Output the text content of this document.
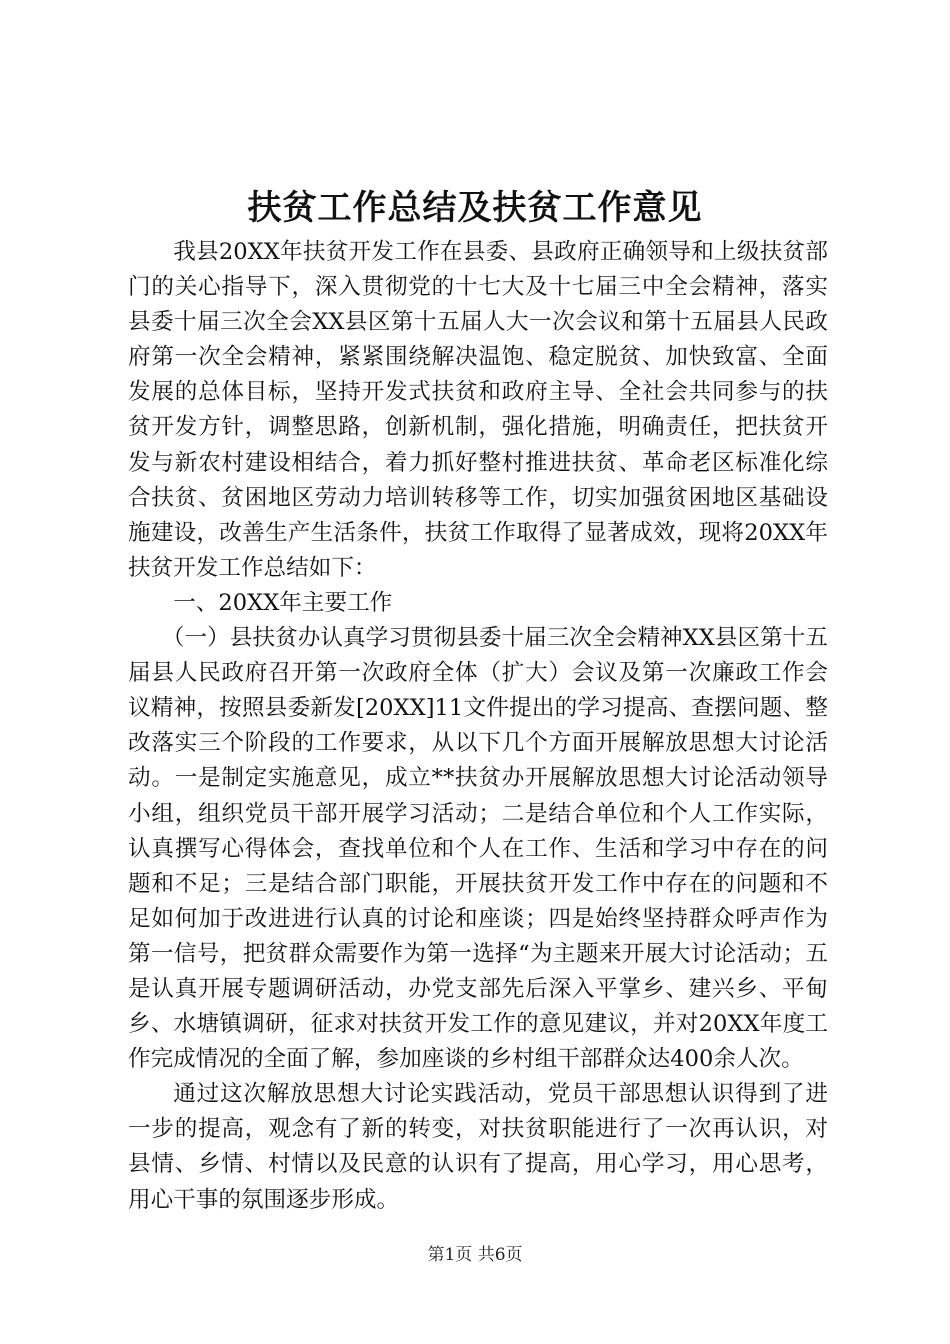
扶贫工作总结及扶贫工作意见

我县20XX年扶贫开发工作在县委、县政府正确领导和上级扶贫部门的关心指导下，深入贯彻党的十七大及十七届三中全会精神，落实县委十届三次全会XX县区第十五届人大一次会议和第十五届县人民政府第一次全会精神，紧紧围绕解决温饱、稳定脱贫、加快致富、全面发展的总体目标，坚持开发式扶贫和政府主导、全社会共同参与的扶贫开发方针，调整思路，创新机制，强化措施，明确责任，把扶贫开发与新农村建设相结合，着力抓好整村推进扶贫、革命老区标准化综合扶贫、贫困地区劳动力培训转移等工作，切实加强贫困地区基础设施建设，改善生产生活条件，扶贫工作取得了显著成效，现将20XX年扶贫开发工作总结如下：

一、20XX年主要工作

（一）县扶贫办认真学习贯彻县委十届三次全会精神XX县区第十五届县人民政府召开第一次政府全体（扩大）会议及第一次廉政工作会议精神，按照县委新发[20XX]11文件提出的学习提高、查摆问题、整改落实三个阶段的工作要求，从以下几个方面开展解放思想大讨论活动。一是制定实施意见，成立**扶贫办开展解放思想大讨论活动领导小组，组织党员干部开展学习活动；二是结合单位和个人工作实际，认真撰写心得体会，查找单位和个人在工作、生活和学习中存在的问题和不足；三是结合部门职能，开展扶贫开发工作中存在的问题和不足如何加于改进进行认真的讨论和座谈；四是始终坚持群众呼声作为第一信号，把贫群众需要作为第一选择“为主题来开展大讨论活动；五是认真开展专题调研活动，办党支部先后深入平掌乡、建兴乡、平甸乡、水塘镇调研，征求对扶贫开发工作的意见建议，并对20XX年度工作完成情况的全面了解，参加座谈的乡村组干部群众达400余人次。

通过这次解放思想大讨论实践活动，党员干部思想认识得到了进一步的提高，观念有了新的转变，对扶贫职能进行了一次再认识，对县情、乡情、村情以及民意的认识有了提高，用心学习，用心思考，用心干事的氛围逐步形成。

第1页 共6页
